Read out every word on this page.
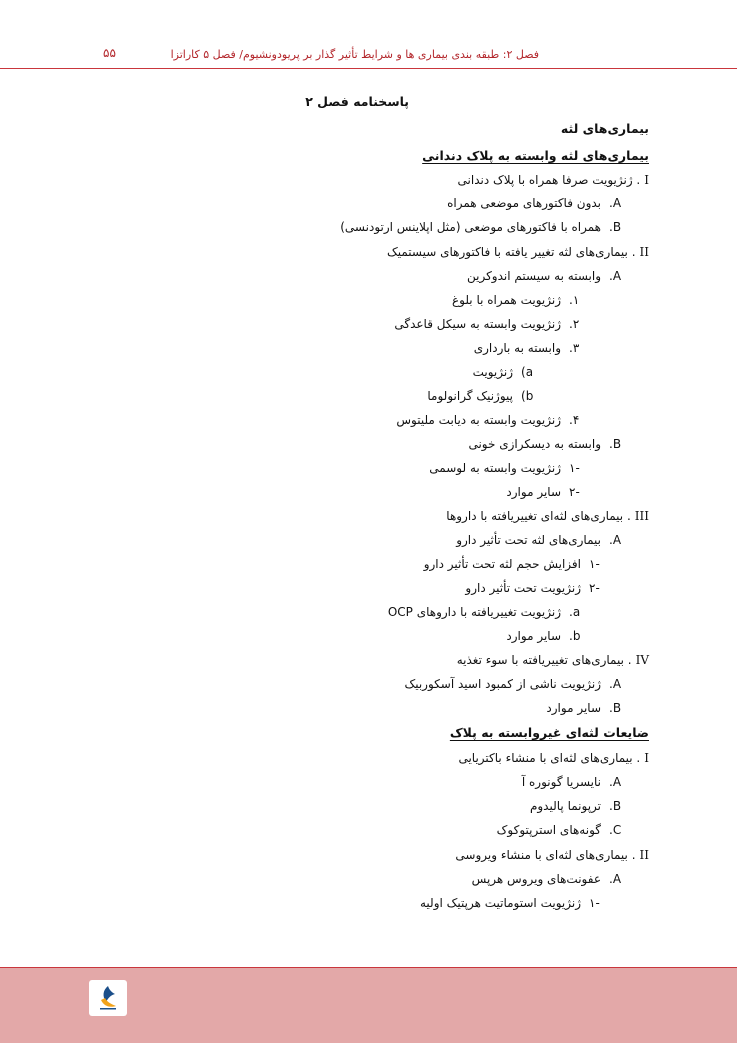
فصل ۲: طبقه بندی بیماری ها و شرایط تأثیر گذار بر پریودونشیوم/ فصل ۵ کاراتزا
۵۵
پاسخنامه فصل ۲
بیماری‌های لثه
بیماری‌های لثه وابسته به پلاک دندانی
I. ژنژیویت صرفا همراه با پلاک دندانی
A.بدون فاکتورهای موضعی همراه
B.همراه با فاکتورهای موضعی (مثل اپلاینس ارتودنسی)
II. بیماری‌های لثه تغییر یافته با فاکتورهای سیستمیک
A.وابسته به سیستم اندوکرین
۱.ژنژیویت همراه با بلوغ
۲.ژنژیویت وابسته به سیکل قاعدگی
۳.وابسته به بارداری
a)ژنژیویت
b)پیوژنیک گرانولوما
۴.ژنژیویت وابسته به دیابت ملیتوس
B.وابسته به دیسکرازی خونی
-۱ژنژیویت وابسته به لوسمی
-۲سایر موارد
III. بیماری‌های لثه‌ای تغییریافته با داروها
A.بیماری‌های لثه تحت تأثیر دارو
-۱افزایش حجم لثه تحت تأثیر دارو
-۲ژنژیویت تحت تأثیر دارو
a.ژنژیویت تغییریافته با داروهای OCP
b.سایر موارد
IV. بیماری‌های تغییریافته با سوء تغذیه
A.ژنژیویت ناشی از کمبود اسید آسکوربیک
B.سایر موارد
ضایعات لثه‌ای غیروابسته به پلاک
I. بیماری‌های لثه‌ای با منشاء باکتریایی
A.نایسریا گونوره آ
B.ترپونما پالیدوم
C.گونه‌های استرپتوکوک
II. بیماری‌های لثه‌ای با منشاء ویروسی
A.عفونت‌های ویروس هرپس
-۱ژنژیویت استوماتیت هرپتیک اولیه
